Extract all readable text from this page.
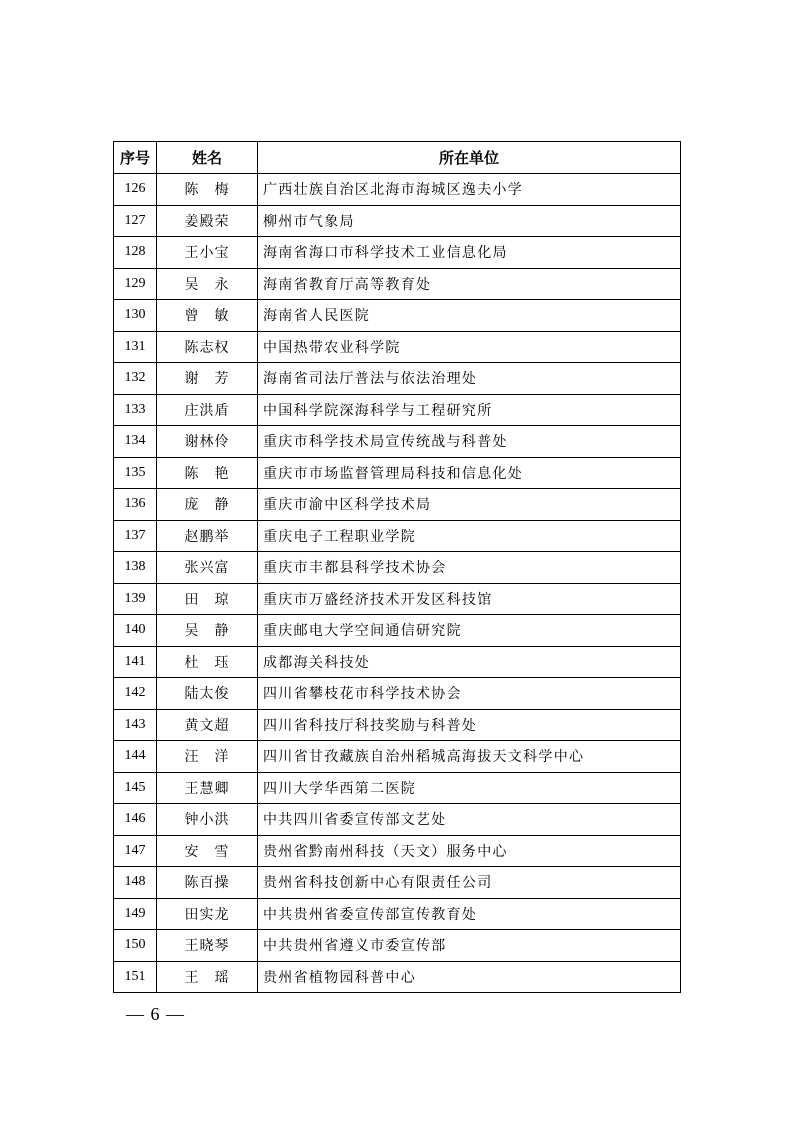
序号	姓名	所在单位
126	陈　梅	广西壮族自治区北海市海城区逸夫小学
127	姜殿荣	柳州市气象局
128	王小宝	海南省海口市科学技术工业信息化局
129	吴　永	海南省教育厅高等教育处
130	曾　敏	海南省人民医院
131	陈志权	中国热带农业科学院
132	谢　芳	海南省司法厅普法与依法治理处
133	庄洪盾	中国科学院深海科学与工程研究所
134	谢林伶	重庆市科学技术局宣传统战与科普处
135	陈　艳	重庆市市场监督管理局科技和信息化处
136	庞　静	重庆市渝中区科学技术局
137	赵鹏举	重庆电子工程职业学院
138	张兴富	重庆市丰都县科学技术协会
139	田　琼	重庆市万盛经济技术开发区科技馆
140	吴　静	重庆邮电大学空间通信研究院
141	杜　珏	成都海关科技处
142	陆太俊	四川省攀枝花市科学技术协会
143	黄文超	四川省科技厅科技奖励与科普处
144	汪　洋	四川省甘孜藏族自治州稻城高海拔天文科学中心
145	王慧卿	四川大学华西第二医院
146	钟小洪	中共四川省委宣传部文艺处
147	安　雪	贵州省黔南州科技（天文）服务中心
148	陈百操	贵州省科技创新中心有限责任公司
149	田实龙	中共贵州省委宣传部宣传教育处
150	王晓琴	中共贵州省遵义市委宣传部
151	王　瑶	贵州省植物园科普中心
— 6 —
